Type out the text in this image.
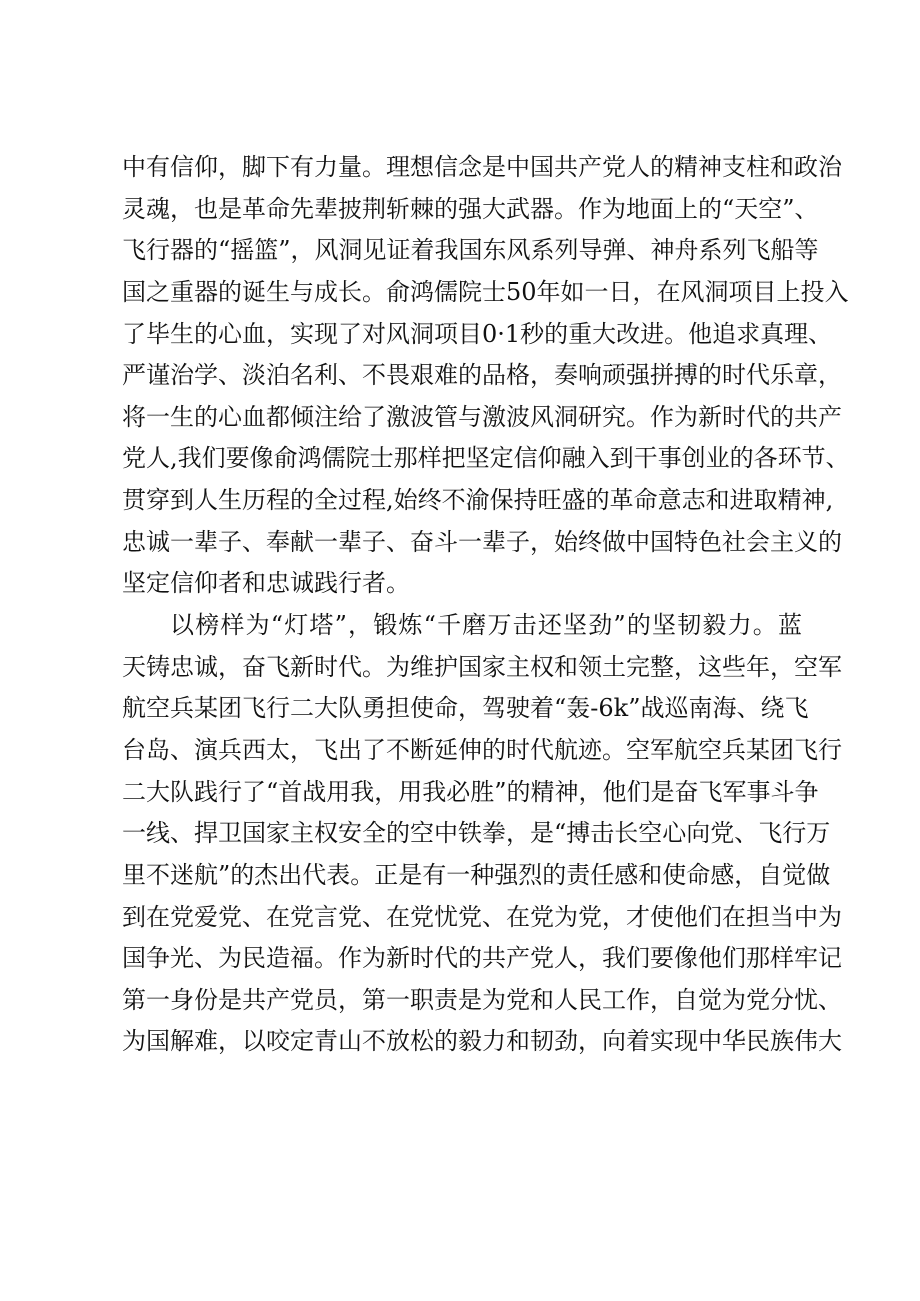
中有信仰，脚下有力量。理想信念是中国共产党人的精神支柱和政治
灵魂，也是革命先辈披荆斩棘的强大武器。作为地面上的“天空”、
飞行器的“摇篮”，风洞见证着我国东风系列导弹、神舟系列飞船等
国之重器的诞生与成长。俞鸿儒院士50年如一日，在风洞项目上投入
了毕生的心血，实现了对风洞项目0·1秒的重大改进。他追求真理、
严谨治学、淡泊名利、不畏艰难的品格，奏响顽强拼搏的时代乐章，
将一生的心血都倾注给了激波管与激波风洞研究。作为新时代的共产
党人,我们要像俞鸿儒院士那样把坚定信仰融入到干事创业的各环节、
贯穿到人生历程的全过程,始终不渝保持旺盛的革命意志和进取精神,
忠诚一辈子、奉献一辈子、奋斗一辈子，始终做中国特色社会主义的
坚定信仰者和忠诚践行者。
以榜样为“灯塔”，锻炼“千磨万击还坚劲”的坚韧毅力。蓝
天铸忠诚，奋飞新时代。为维护国家主权和领土完整，这些年，空军
航空兵某团飞行二大队勇担使命，驾驶着“轰-6k”战巡南海、绕飞
台岛、演兵西太，飞出了不断延伸的时代航迹。空军航空兵某团飞行
二大队践行了“首战用我，用我必胜”的精神，他们是奋飞军事斗争
一线、捍卫国家主权安全的空中铁拳，是“搏击长空心向党、飞行万
里不迷航”的杰出代表。正是有一种强烈的责任感和使命感，自觉做
到在党爱党、在党言党、在党忧党、在党为党，才使他们在担当中为
国争光、为民造福。作为新时代的共产党人，我们要像他们那样牢记
第一身份是共产党员，第一职责是为党和人民工作，自觉为党分忧、
为国解难，以咬定青山不放松的毅力和韧劲，向着实现中华民族伟大
